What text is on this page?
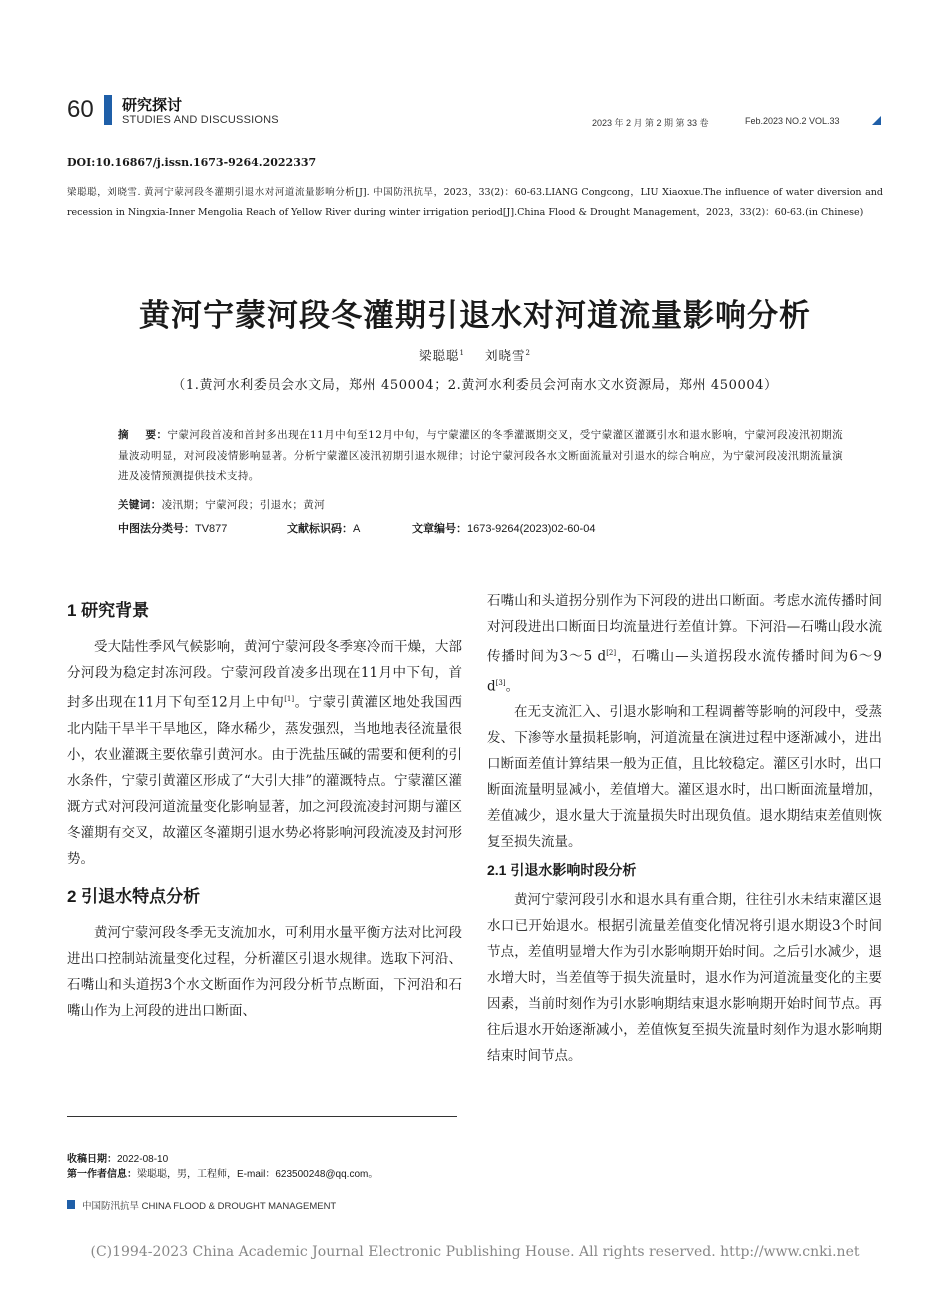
60 研究探讨
STUDIES AND DISCUSSIONS	2023 年 2 月 第 2 期 第 33 卷	Feb.2023 NO.2 VOL.33
DOI:10.16867/j.issn.1673-9264.2022337
梁聪聪，刘晓雪. 黄河宁蒙河段冬灌期引退水对河道流量影响分析[J]. 中国防汛抗旱，2023，33(2)：60-63.LIANG Congcong，LIU Xiaoxue.The influence of water diversion and recession in Ningxia-Inner Mengolia Reach of Yellow River during winter irrigation period[J].China Flood & Drought Management，2023，33(2)：60-63.(in Chinese)
黄河宁蒙河段冬灌期引退水对河道流量影响分析
梁聪聪$^1$ 刘晓雪$^2$
（1.黄河水利委员会水文局，郑州 450004；2.黄河水利委员会河南水文水资源局，郑州 450004）
摘    要：宁蒙河段首凌和首封多出现在11月中旬至12月中旬，与宁蒙灌区的冬季灌溉期交叉，受宁蒙灌区灌溉引水和退水影响，宁蒙河段凌汛初期流量波动明显，对河段凌情影响显著。分析宁蒙灌区凌汛初期引退水规律；讨论宁蒙河段各水文断面流量对引退水的综合响应，为宁蒙河段凌汛期流量演进及凌情预测提供技术支持。
关键词：凌汛期；宁蒙河段；引退水；黄河
中图法分类号：TV877	文献标识码：A	文章编号：1673-9264(2023)02-60-04
1 研究背景

受大陆性季风气候影响，黄河宁蒙河段冬季寒冷而干燥，大部分河段为稳定封冻河段。宁蒙河段首凌多出现在11月中下旬，首封多出现在11月下旬至12月上中旬[1]。宁蒙引黄灌区地处我国西北内陆干旱半干旱地区，降水稀少，蒸发强烈，当地地表径流量很小，农业灌溉主要依靠引黄河水。由于洗盐压碱的需要和便利的引水条件，宁蒙引黄灌区形成了“大引大排”的灌溉特点。宁蒙灌区灌溉方式对河段河道流量变化影响显著，加之河段流凌封河期与灌区冬灌期有交叉，故灌区冬灌期引退水势必将影响河段流凌及封河形势。

2 引退水特点分析

黄河宁蒙河段冬季无支流加水，可利用水量平衡方法对比河段进出口控制站流量变化过程，分析灌区引退水规律。选取下河沿、石嘴山和头道拐3个水文断面作为河段分析节点断面，下河沿和石嘴山作为上河段的进出口断面、

石嘴山和头道拐分别作为下河段的进出口断面。考虑水流传播时间对河段进出口断面日均流量进行差值计算。下河沿—石嘴山段水流传播时间为3～5 d[2]，石嘴山—头道拐段水流传播时间为6～9 d[3]。

在无支流汇入、引退水影响和工程调蓄等影响的河段中，受蒸发、下渗等水量损耗影响，河道流量在演进过程中逐渐减小，进出口断面差值计算结果一般为正值，且比较稳定。灌区引水时，出口断面流量明显减小，差值增大。灌区退水时，出口断面流量增加，差值减少，退水量大于流量损失时出现负值。退水期结束差值则恢复至损失流量。

2.1 引退水影响时段分析

黄河宁蒙河段引水和退水具有重合期，往往引水未结束灌区退水口已开始退水。根据引流量差值变化情况将引退水期设3个时间节点，差值明显增大作为引水影响期开始时间。之后引水减少，退水增大时，当差值等于损失流量时，退水作为河道流量变化的主要因素，当前时刻作为引水影响期结束退水影响期开始时间节点。再往后退水开始逐渐减小，差值恢复至损失流量时刻作为退水影响期结束时间节点。

收稿日期：2022-08-10
第一作者信息：梁聪聪，男，工程师，E-mail：623500248@qq.com。
中国防汛抗旱 CHINA FLOOD & DROUGHT MANAGEMENT
(C)1994-2023 China Academic Journal Electronic Publishing House. All rights reserved. http://www.cnki.net
